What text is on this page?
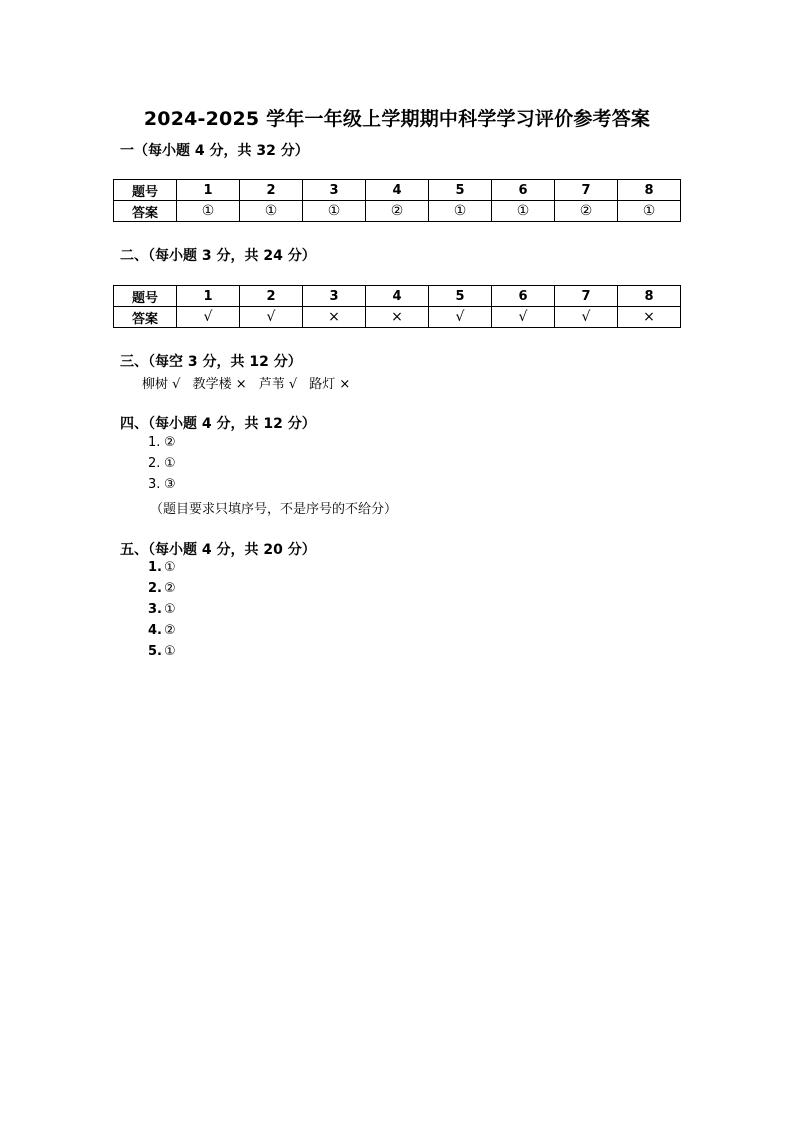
2024-2025 学年一年级上学期期中科学学习评价参考答案
一（每小题 4 分，共 32 分）
题号	1	2	3	4	5	6	7	8
答案	①	①	①	②	①	①	②	①
二、（每小题 3 分，共 24 分）
题号	1	2	3	4	5	6	7	8
答案	√	√	×	×	√	√	√	×
三、（每空 3 分，共 12 分）
柳树 √ 教学楼 × 芦苇 √ 路灯 ×
四、（每小题 4 分，共 12 分）
1. ②
2. ①
3. ③
（题目要求只填序号，不是序号的不给分）
五、（每小题 4 分，共 20 分）
1. ①
2. ②
3. ①
4. ②
5. ①
